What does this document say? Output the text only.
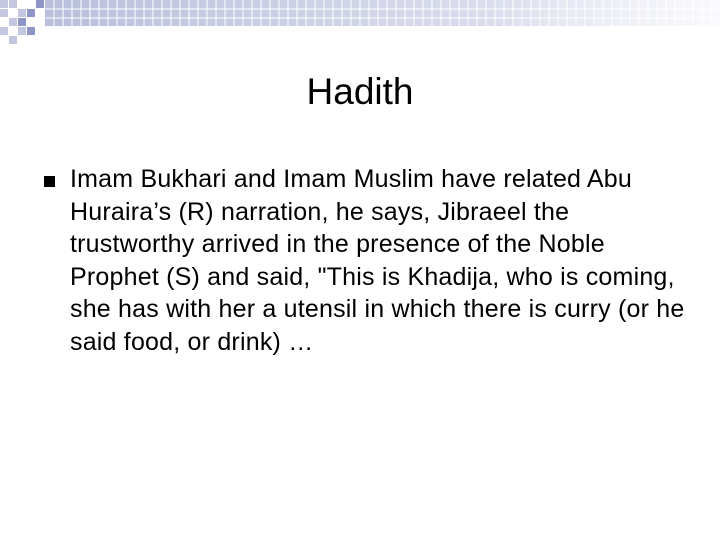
Hadith
Imam Bukhari and Imam Muslim have related Abu Huraira’s (R) narration, he says, Jibraeel the trustworthy arrived in the presence of the Noble Prophet (S) and said, "This is Khadija, who is coming, she has with her a utensil in which there is curry (or he said food, or drink) …
